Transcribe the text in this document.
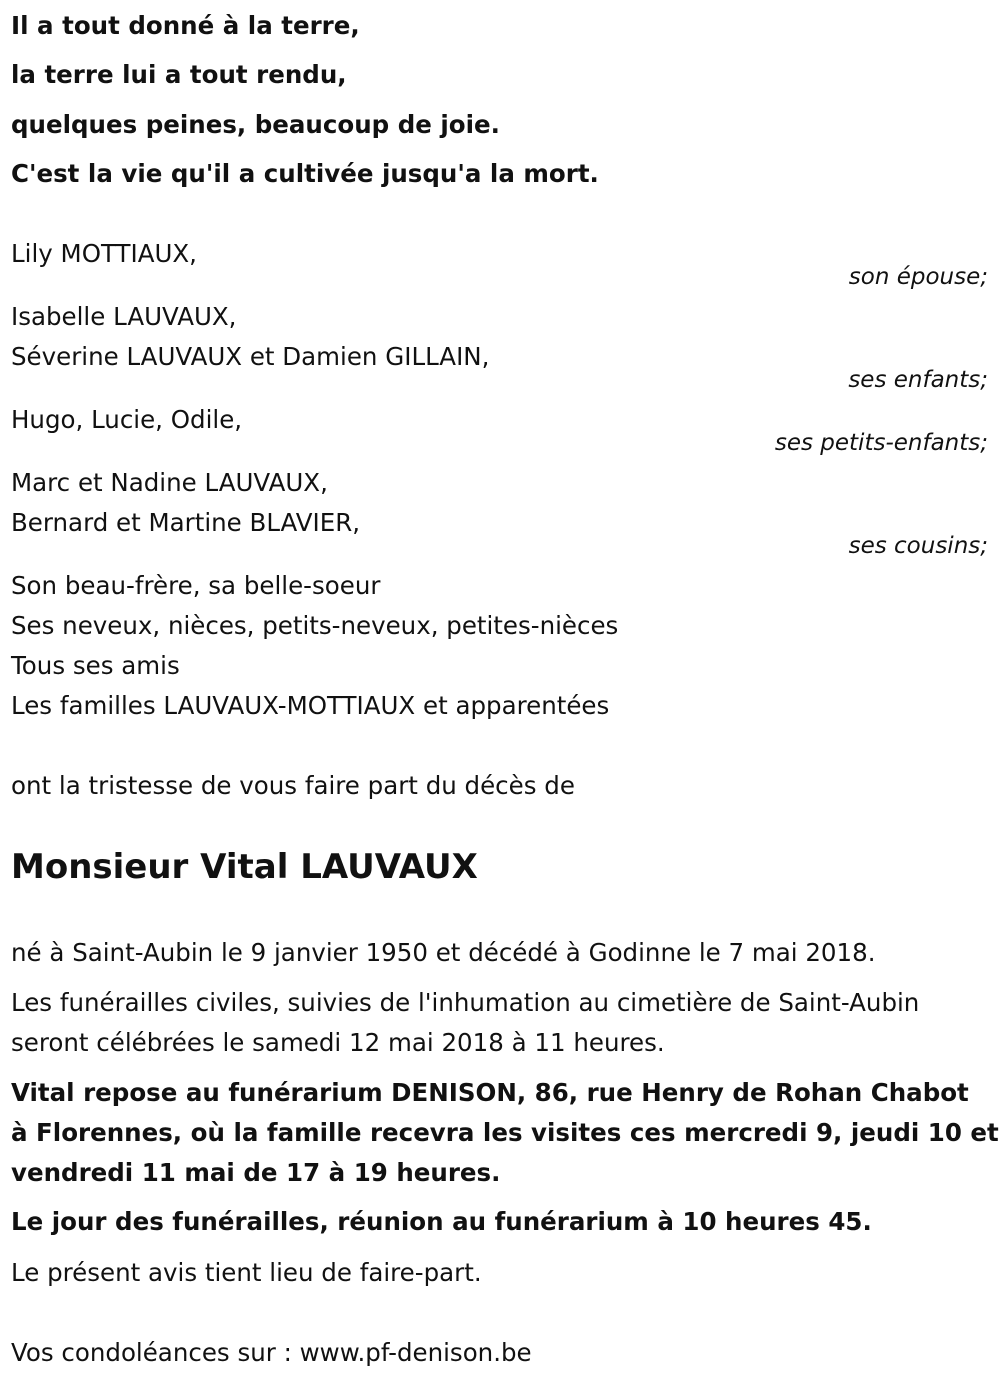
Il a tout donné à la terre,
la terre lui a tout rendu,
quelques peines, beaucoup de joie.
C'est la vie qu'il a cultivée jusqu'a la mort.
Lily MOTTIAUX,
son épouse;
Isabelle LAUVAUX,
Séverine LAUVAUX et Damien GILLAIN,
ses enfants;
Hugo, Lucie, Odile,
ses petits-enfants;
Marc et Nadine LAUVAUX,
Bernard et Martine BLAVIER,
ses cousins;
Son beau-frère, sa belle-soeur
Ses neveux, nièces, petits-neveux, petites-nièces
Tous ses amis
Les familles LAUVAUX-MOTTIAUX et apparentées
ont la tristesse de vous faire part du décès de
Monsieur Vital LAUVAUX
né à Saint-Aubin le 9 janvier 1950 et décédé à Godinne le 7 mai 2018.
Les funérailles civiles, suivies de l'inhumation au cimetière de Saint-Aubin
seront célébrées le samedi 12 mai 2018 à 11 heures.
Vital repose au funérarium DENISON, 86, rue Henry de Rohan Chabot
à Florennes, où la famille recevra les visites ces mercredi 9, jeudi 10 et
vendredi 11 mai de 17 à 19 heures.
Le jour des funérailles, réunion au funérarium à 10 heures 45.
Le présent avis tient lieu de faire-part.
Vos condoléances sur : www.pf-denison.be
